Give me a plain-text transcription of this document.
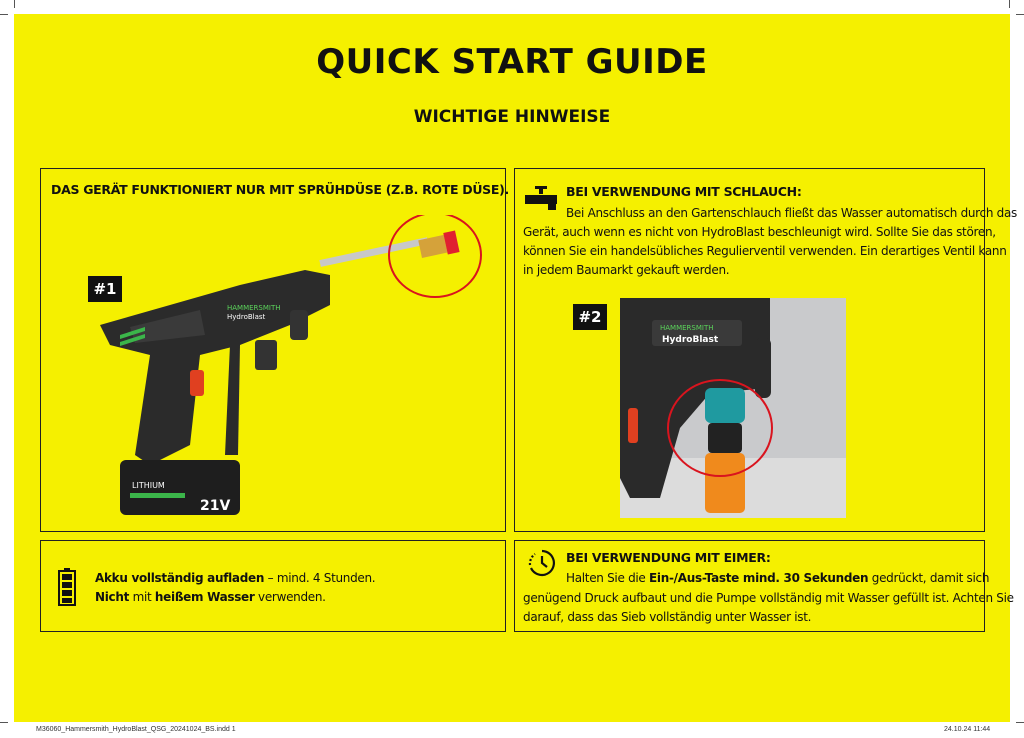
QUICK START GUIDE
WICHTIGE HINWEISE
DAS GERÄT FUNKTIONIERT NUR MIT SPRÜHDÜSE (Z.B. ROTE DÜSE).
#1
HAMMERSMITH
HydroBlast
LITHIUM
21V
BEI VERWENDUNG MIT SCHLAUCH:
Bei Anschluss an den Gartenschlauch fließt das Wasser automatisch durch das
Gerät, auch wenn es nicht von HydroBlast beschleunigt wird. Sollte Sie das stören,
können Sie ein handelsübliches Regulierventil verwenden. Ein derartiges Ventil kann
in jedem Baumarkt gekauft werden.
HAMMERSMITH
HydroBlast
#2
Akku vollständig aufladen – mind. 4 Stunden.
Nicht mit heißem Wasser verwenden.
BEI VERWENDUNG MIT EIMER:
Halten Sie die Ein-/Aus-Taste mind. 30 Sekunden gedrückt, damit sich
genügend Druck aufbaut und die Pumpe vollständig mit Wasser gefüllt ist. Achten Sie
darauf, dass das Sieb vollständig unter Wasser ist.
M36060_Hammersmith_HydroBlast_QSG_20241024_BS.indd 1	24.10.24 11:44
